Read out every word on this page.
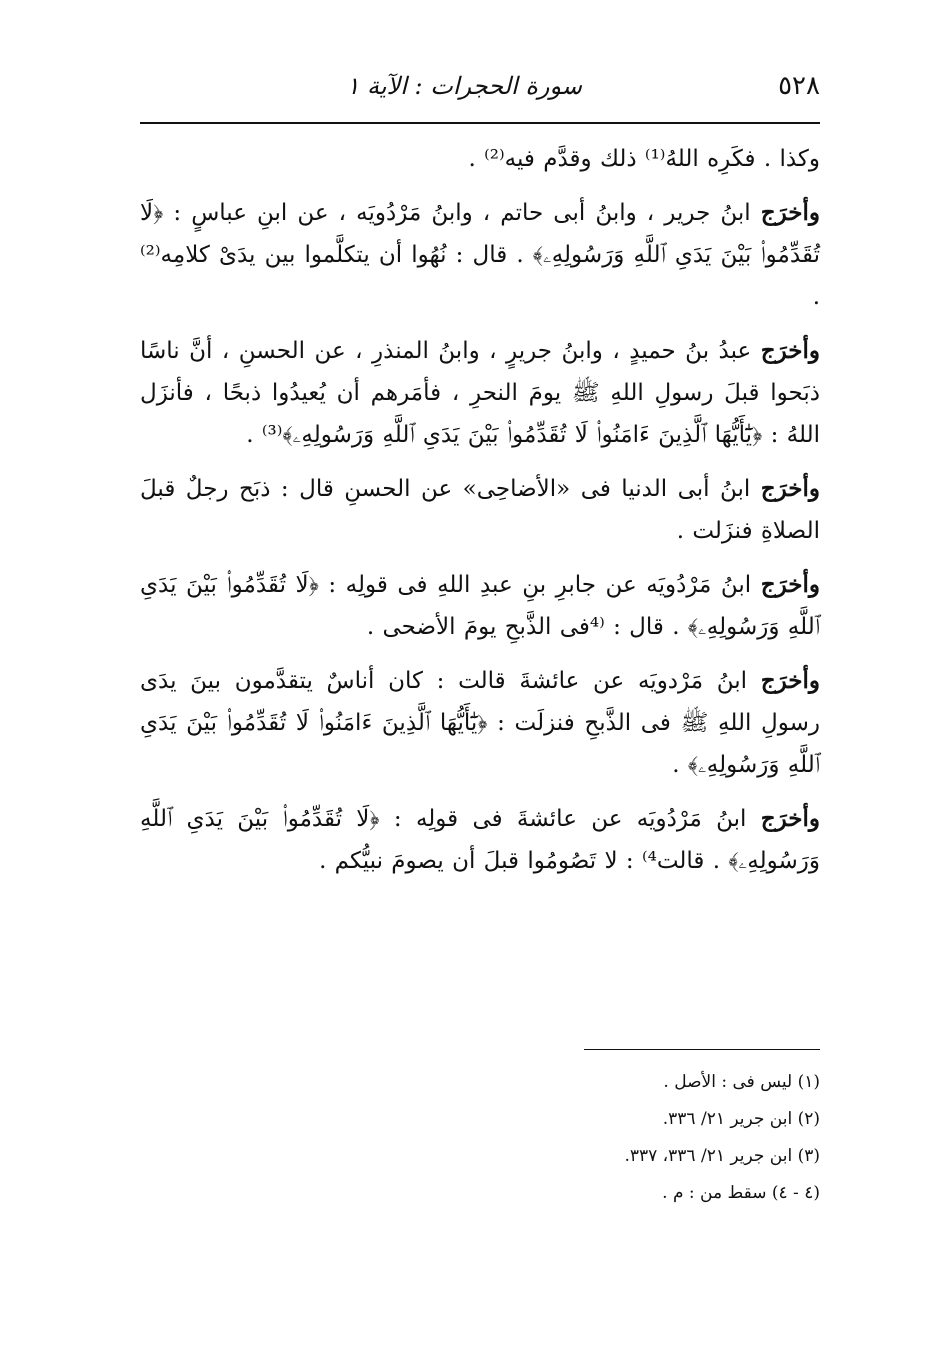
٥٢٨
سورة الحجرات : الآية ١

وكذا . فكَرِه اللهُ⁽¹⁾ ذلك وقدَّم فيه⁽²⁾ .

وأخرَج ابنُ جرير ، وابنُ أبى حاتم ، وابنُ مَرْدُويَه ، عن ابنِ عباسٍ : ﴿لَا تُقَدِّمُوا۟ بَيْنَ يَدَىِ ٱللَّهِ وَرَسُولِهِۦ﴾ . قال : نُهُوا أن يتكلَّموا بين يدَىْ كلامِه⁽²⁾ .

وأخرَج عبدُ بنُ حميدٍ ، وابنُ جريرٍ ، وابنُ المنذرِ ، عن الحسنِ ، أنَّ ناسًا ذبَحوا قبلَ رسولِ اللهِ ﷺ يومَ النحرِ ، فأمَرهم أن يُعيدُوا ذبحًا ، فأنزَل اللهُ : ﴿يَٰٓأَيُّهَا ٱلَّذِينَ ءَامَنُوا۟ لَا تُقَدِّمُوا۟ بَيْنَ يَدَىِ ٱللَّهِ وَرَسُولِهِۦ﴾⁽³⁾ .

وأخرَج ابنُ أبى الدنيا فى «الأضاحِى» عن الحسنِ قال : ذبَح رجلٌ قبلَ الصلاةِ فنزَلت .

وأخرَج ابنُ مَرْدُويَه عن جابرِ بنِ عبدِ اللهِ فى قولِه : ﴿لَا تُقَدِّمُوا۟ بَيْنَ يَدَىِ ٱللَّهِ وَرَسُولِهِۦ﴾ . قال : ⁽⁴فى الذَّبحِ يومَ الأضحى .

وأخرَج ابنُ مَرْدويَه عن عائشةَ قالت : كان أناسٌ يتقدَّمون بينَ يدَى رسولِ اللهِ ﷺ فى الذَّبحِ فنزلَت : ﴿يَٰٓأَيُّهَا ٱلَّذِينَ ءَامَنُوا۟ لَا تُقَدِّمُوا۟ بَيْنَ يَدَىِ ٱللَّهِ وَرَسُولِهِۦ﴾ .

وأخرَج ابنُ مَرْدُويَه عن عائشةَ فى قولِه : ﴿لَا تُقَدِّمُوا۟ بَيْنَ يَدَىِ ٱللَّهِ وَرَسُولِهِۦ﴾ . قالت⁴⁾ : لا تَصُومُوا قبلَ أن يصومَ نبيُّكم .

(١) ليس فى : الأصل .

(٢) ابن جرير ٢١/ ٣٣٦.

(٣) ابن جرير ٢١/ ٣٣٦، ٣٣٧.

(٤ - ٤) سقط من : م .
